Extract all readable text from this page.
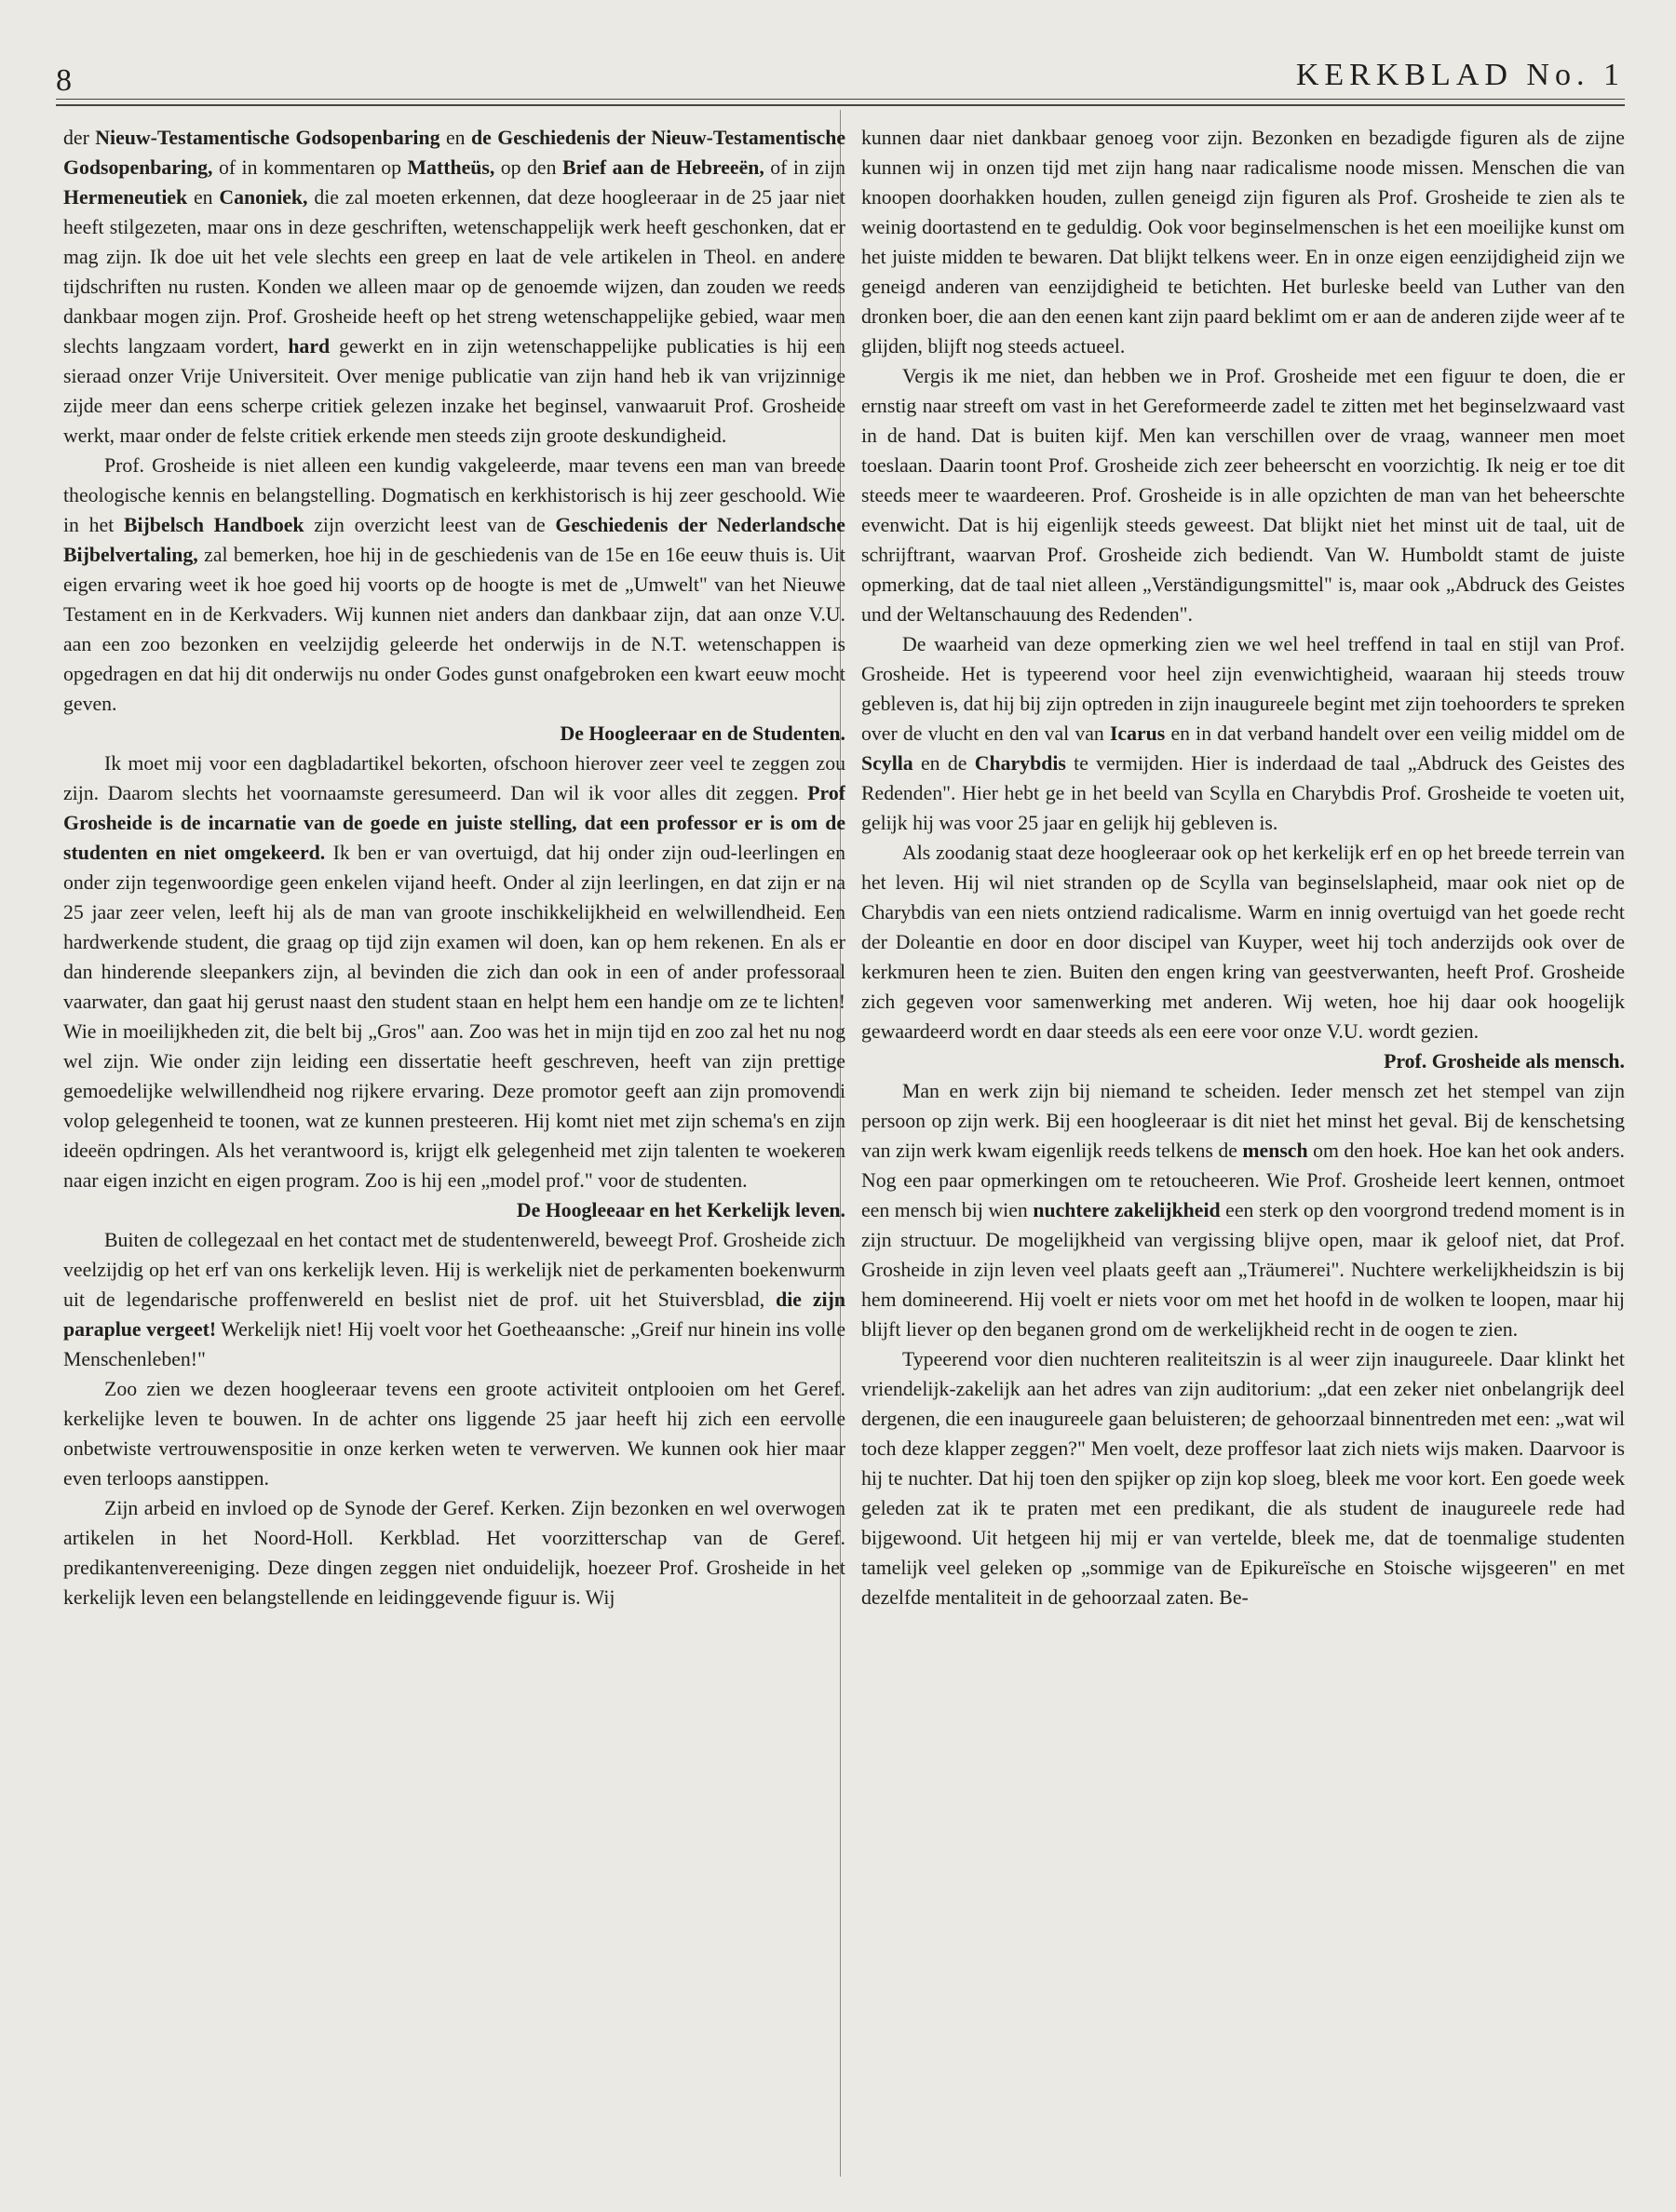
8	KERKBLAD No. 1

der Nieuw-Testamentische Godsopenbaring en de Geschiedenis der Nieuw-Testamentische Godsopenbaring, of in kommentaren op Mattheüs, op den Brief aan de Hebreeën, of in zijn Hermeneutiek en Canoniek, die zal moeten erkennen, dat deze hoogleeraar in de 25 jaar niet heeft stilgezeten, maar ons in deze geschriften, wetenschappelijk werk heeft geschonken, dat er mag zijn. Ik doe uit het vele slechts een greep en laat de vele artikelen in Theol. en andere tijdschriften nu rusten. Konden we alleen maar op de genoemde wijzen, dan zouden we reeds dankbaar mogen zijn. Prof. Grosheide heeft op het streng wetenschappelijke gebied, waar men slechts langzaam vordert, hard gewerkt en in zijn wetenschappelijke publicaties is hij een sieraad onzer Vrije Universiteit. Over menige publicatie van zijn hand heb ik van vrijzinnige zijde meer dan eens scherpe critiek gelezen inzake het beginsel, vanwaaruit Prof. Grosheide werkt, maar onder de felste critiek erkende men steeds zijn groote deskundigheid.

Prof. Grosheide is niet alleen een kundig vakgeleerde, maar tevens een man van breede theologische kennis en belangstelling. Dogmatisch en kerkhistorisch is hij zeer geschoold. Wie in het Bijbelsch Handboek zijn overzicht leest van de Geschiedenis der Nederlandsche Bijbelvertaling, zal bemerken, hoe hij in de geschiedenis van de 15e en 16e eeuw thuis is. Uit eigen ervaring weet ik hoe goed hij voorts op de hoogte is met de „Umwelt" van het Nieuwe Testament en in de Kerkvaders. Wij kunnen niet anders dan dankbaar zijn, dat aan onze V.U. aan een zoo bezonken en veelzijdig geleerde het onderwijs in de N.T. wetenschappen is opgedragen en dat hij dit onderwijs nu onder Godes gunst onafgebroken een kwart eeuw mocht geven.

De Hoogleeraar en de Studenten.

Ik moet mij voor een dagbladartikel bekorten, ofschoon hierover zeer veel te zeggen zou zijn. Daarom slechts het voornaamste geresumeerd. Dan wil ik voor alles dit zeggen. Prof Grosheide is de incarnatie van de goede en juiste stelling, dat een professor er is om de studenten en niet omgekeerd. Ik ben er van overtuigd, dat hij onder zijn oud-leerlingen en onder zijn tegenwoordige geen enkelen vijand heeft. Onder al zijn leerlingen, en dat zijn er na 25 jaar zeer velen, leeft hij als de man van groote inschikkelijkheid en welwillendheid. Een hardwerkende student, die graag op tijd zijn examen wil doen, kan op hem rekenen. En als er dan hinderende sleepankers zijn, al bevinden die zich dan ook in een of ander professoraal vaarwater, dan gaat hij gerust naast den student staan en helpt hem een handje om ze te lichten! Wie in moeilijkheden zit, die belt bij „Gros" aan. Zoo was het in mijn tijd en zoo zal het nu nog wel zijn. Wie onder zijn leiding een dissertatie heeft geschreven, heeft van zijn prettige gemoedelijke welwillendheid nog rijkere ervaring. Deze promotor geeft aan zijn promovendi volop gelegenheid te toonen, wat ze kunnen presteeren. Hij komt niet met zijn schema's en zijn ideeën opdringen. Als het verantwoord is, krijgt elk gelegenheid met zijn talenten te woekeren naar eigen inzicht en eigen program. Zoo is hij een „model prof." voor de studenten.

De Hoogleeaar en het Kerkelijk leven.

Buiten de collegezaal en het contact met de studentenwereld, beweegt Prof. Grosheide zich veelzijdig op het erf van ons kerkelijk leven. Hij is werkelijk niet de perkamenten boekenwurm uit de legendarische proffenwereld en beslist niet de prof. uit het Stuiversblad, die zijn paraplue vergeet! Werkelijk niet! Hij voelt voor het Goetheaansche: „Greif nur hinein ins volle Menschenleben!"

Zoo zien we dezen hoogleeraar tevens een groote activiteit ontplooien om het Geref. kerkelijke leven te bouwen. In de achter ons liggende 25 jaar heeft hij zich een eervolle onbetwiste vertrouwenspositie in onze kerken weten te verwerven. We kunnen ook hier maar even terloops aanstippen.

Zijn arbeid en invloed op de Synode der Geref. Kerken. Zijn bezonken en wel overwogen artikelen in het Noord-Holl. Kerkblad. Het voorzitterschap van de Geref. predikantenvereeniging. Deze dingen zeggen niet onduidelijk, hoezeer Prof. Grosheide in het kerkelijk leven een belangstellende en leidinggevende figuur is. Wij

kunnen daar niet dankbaar genoeg voor zijn. Bezonken en bezadigde figuren als de zijne kunnen wij in onzen tijd met zijn hang naar radicalisme noode missen. Menschen die van knoopen doorhakken houden, zullen geneigd zijn figuren als Prof. Grosheide te zien als te weinig doortastend en te geduldig. Ook voor beginselmenschen is het een moeilijke kunst om het juiste midden te bewaren. Dat blijkt telkens weer. En in onze eigen eenzijdigheid zijn we geneigd anderen van eenzijdigheid te betichten. Het burleske beeld van Luther van den dronken boer, die aan den eenen kant zijn paard beklimt om er aan de anderen zijde weer af te glijden, blijft nog steeds actueel.

Vergis ik me niet, dan hebben we in Prof. Grosheide met een figuur te doen, die er ernstig naar streeft om vast in het Gereformeerde zadel te zitten met het beginselzwaard vast in de hand. Dat is buiten kijf. Men kan verschillen over de vraag, wanneer men moet toeslaan. Daarin toont Prof. Grosheide zich zeer beheerscht en voorzichtig. Ik neig er toe dit steeds meer te waardeeren. Prof. Grosheide is in alle opzichten de man van het beheerschte evenwicht. Dat is hij eigenlijk steeds geweest. Dat blijkt niet het minst uit de taal, uit de schrijftrant, waarvan Prof. Grosheide zich bediendt. Van W. Humboldt stamt de juiste opmerking, dat de taal niet alleen „Verständigungsmittel" is, maar ook „Abdruck des Geistes und der Weltanschauung des Redenden".

De waarheid van deze opmerking zien we wel heel treffend in taal en stijl van Prof. Grosheide. Het is typeerend voor heel zijn evenwichtigheid, waaraan hij steeds trouw gebleven is, dat hij bij zijn optreden in zijn inaugureele begint met zijn toehoorders te spreken over de vlucht en den val van Icarus en in dat verband handelt over een veilig middel om de Scylla en de Charybdis te vermijden. Hier is inderdaad de taal „Abdruck des Geistes des Redenden". Hier hebt ge in het beeld van Scylla en Charybdis Prof. Grosheide te voeten uit, gelijk hij was voor 25 jaar en gelijk hij gebleven is.

Als zoodanig staat deze hoogleeraar ook op het kerkelijk erf en op het breede terrein van het leven. Hij wil niet stranden op de Scylla van beginselslapheid, maar ook niet op de Charybdis van een niets ontziend radicalisme. Warm en innig overtuigd van het goede recht der Doleantie en door en door discipel van Kuyper, weet hij toch anderzijds ook over de kerkmuren heen te zien. Buiten den engen kring van geestverwanten, heeft Prof. Grosheide zich gegeven voor samenwerking met anderen. Wij weten, hoe hij daar ook hoogelijk gewaardeerd wordt en daar steeds als een eere voor onze V.U. wordt gezien.

Prof. Grosheide als mensch.

Man en werk zijn bij niemand te scheiden. Ieder mensch zet het stempel van zijn persoon op zijn werk. Bij een hoogleeraar is dit niet het minst het geval. Bij de kenschetsing van zijn werk kwam eigenlijk reeds telkens de mensch om den hoek. Hoe kan het ook anders. Nog een paar opmerkingen om te retoucheeren. Wie Prof. Grosheide leert kennen, ontmoet een mensch bij wien nuchtere zakelijkheid een sterk op den voorgrond tredend moment is in zijn structuur. De mogelijkheid van vergissing blijve open, maar ik geloof niet, dat Prof. Grosheide in zijn leven veel plaats geeft aan „Träumerei". Nuchtere werkelijkheidszin is bij hem domineerend. Hij voelt er niets voor om met het hoofd in de wolken te loopen, maar hij blijft liever op den beganen grond om de werkelijkheid recht in de oogen te zien.

Typeerend voor dien nuchteren realiteitszin is al weer zijn inaugureele. Daar klinkt het vriendelijk-zakelijk aan het adres van zijn auditorium: „dat een zeker niet onbelangrijk deel dergenen, die een inaugureele gaan beluisteren; de gehoorzaal binnentreden met een: „wat wil toch deze klapper zeggen?" Men voelt, deze proffesor laat zich niets wijs maken. Daarvoor is hij te nuchter. Dat hij toen den spijker op zijn kop sloeg, bleek me voor kort. Een goede week geleden zat ik te praten met een predikant, die als student de inaugureele rede had bijgewoond. Uit hetgeen hij mij er van vertelde, bleek me, dat de toenmalige studenten tamelijk veel geleken op „sommige van de Epikureïsche en Stoische wijsgeeren" en met dezelfde mentaliteit in de gehoorzaal zaten. Be-
